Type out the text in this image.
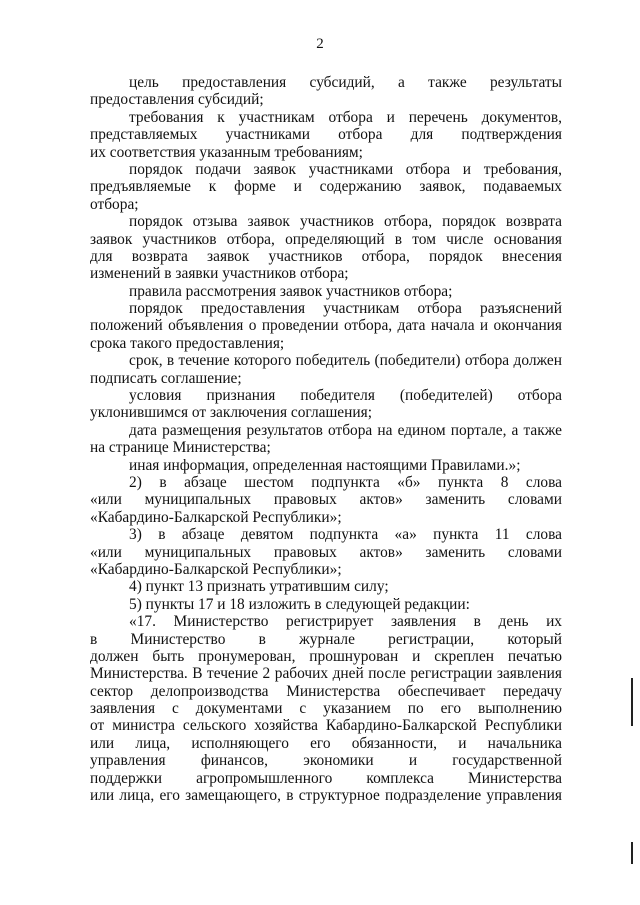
2
цель предоставления субсидий, а также результаты
предоставления субсидий;
требования к участникам отбора и перечень документов,
представляемых участниками отбора для подтверждения
их соответствия указанным требованиям;
порядок подачи заявок участниками отбора и требования,
предъявляемые к форме и содержанию заявок, подаваемых
отбора;
порядок отзыва заявок участников отбора, порядок возврата
заявок участников отбора, определяющий в том числе основания
для возврата заявок участников отбора, порядок внесения
изменений в заявки участников отбора;
правила рассмотрения заявок участников отбора;
порядок предоставления участникам отбора разъяснений
положений объявления о проведении отбора, дата начала и окончания
срока такого предоставления;
срок, в течение которого победитель (победители) отбора должен
подписать соглашение;
условия признания победителя (победителей) отбора
уклонившимся от заключения соглашения;
дата размещения результатов отбора на едином портале, а также
на странице Министерства;
иная информация, определенная настоящими Правилами.»;
2) в абзаце шестом подпункта «б» пункта 8 слова
«или муниципальных правовых актов» заменить словами
«Кабардино-Балкарской Республики»;
3) в абзаце девятом подпункта «а» пункта 11 слова
«или муниципальных правовых актов» заменить словами
«Кабардино-Балкарской Республики»;
4) пункт 13 признать утратившим силу;
5) пункты 17 и 18 изложить в следующей редакции:
«17. Министерство регистрирует заявления в день их
в Министерство в журнале регистрации, который
должен быть пронумерован, прошнурован и скреплен печатью
Министерства. В течение 2 рабочих дней после регистрации заявления
сектор делопроизводства Министерства обеспечивает передачу
заявления с документами с указанием по его выполнению
от министра сельского хозяйства Кабардино-Балкарской Республики
или лица, исполняющего его обязанности, и начальника
управления финансов, экономики и государственной
поддержки агропромышленного комплекса Министерства
или лица, его замещающего, в структурное подразделение управления
